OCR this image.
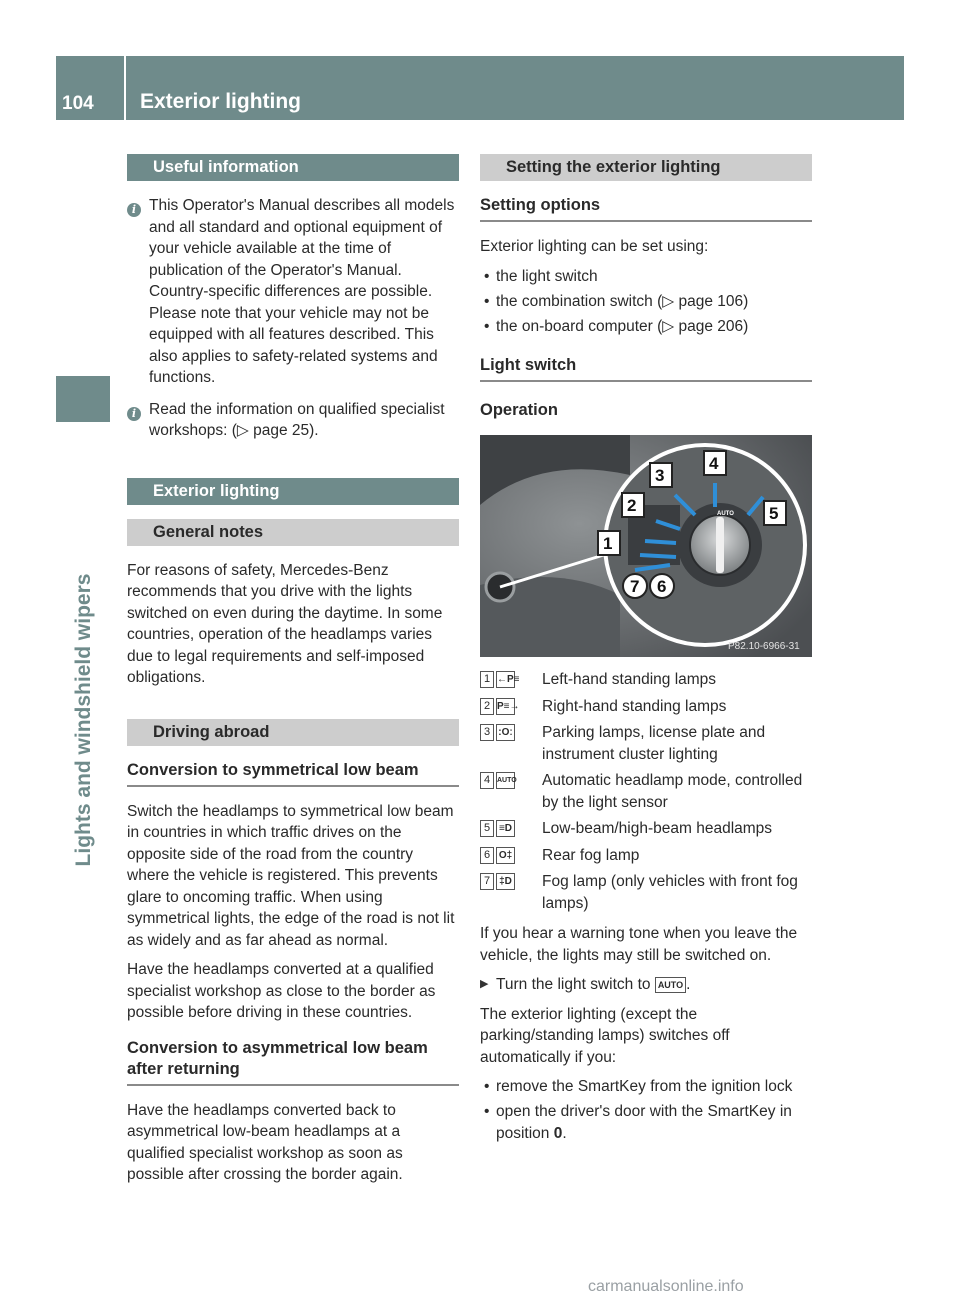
104 Exterior lighting
Lights and windshield wipers
Useful information
i This Operator's Manual describes all models and all standard and optional equipment of your vehicle available at the time of publication of the Operator's Manual. Country-specific differences are possible. Please note that your vehicle may not be equipped with all features described. This also applies to safety-related systems and functions.
i Read the information on qualified specialist workshops: (▷ page 25).
Exterior lighting
General notes

For reasons of safety, Mercedes-Benz recommends that you drive with the lights switched on even during the daytime. In some countries, operation of the headlamps varies due to legal requirements and self-imposed obligations.

Driving abroad
Conversion to symmetrical low beam

Switch the headlamps to symmetrical low beam in countries in which traffic drives on the opposite side of the road from the country where the vehicle is registered. This prevents glare to oncoming traffic. When using symmetrical lights, the edge of the road is not lit as widely and as far ahead as normal.

Have the headlamps converted at a qualified specialist workshop as close to the border as possible before driving in these countries.

Conversion to asymmetrical low beam after returning

Have the headlamps converted back to asymmetrical low-beam headlamps at a qualified specialist workshop as soon as possible after crossing the border again.

Setting the exterior lighting
Setting options

Exterior lighting can be set using:

• the light switch
• the combination switch (▷ page 106)
• the on-board computer (▷ page 206)
Light switch
Operation
AUTO
1
2
3
4
5
6
7
P82.10-6966-31
1 ←P≡ Left-hand standing lamps
2 P≡→ Right-hand standing lamps
3 :Oː Parking lamps, license plate and instrument cluster lighting
4 AUTO Automatic headlamp mode, controlled by the light sensor
5 ≡D Low-beam/high-beam headlamps
6 O‡ Rear fog lamp
7 ‡D Fog lamp (only vehicles with front fog lamps)

If you hear a warning tone when you leave the vehicle, the lights may still be switched on.

▶ Turn the light switch to AUTO .

The exterior lighting (except the parking/standing lamps) switches off automatically if you:

• remove the SmartKey from the ignition lock
• open the driver's door with the SmartKey in position 0.
carmanualsonline.info
